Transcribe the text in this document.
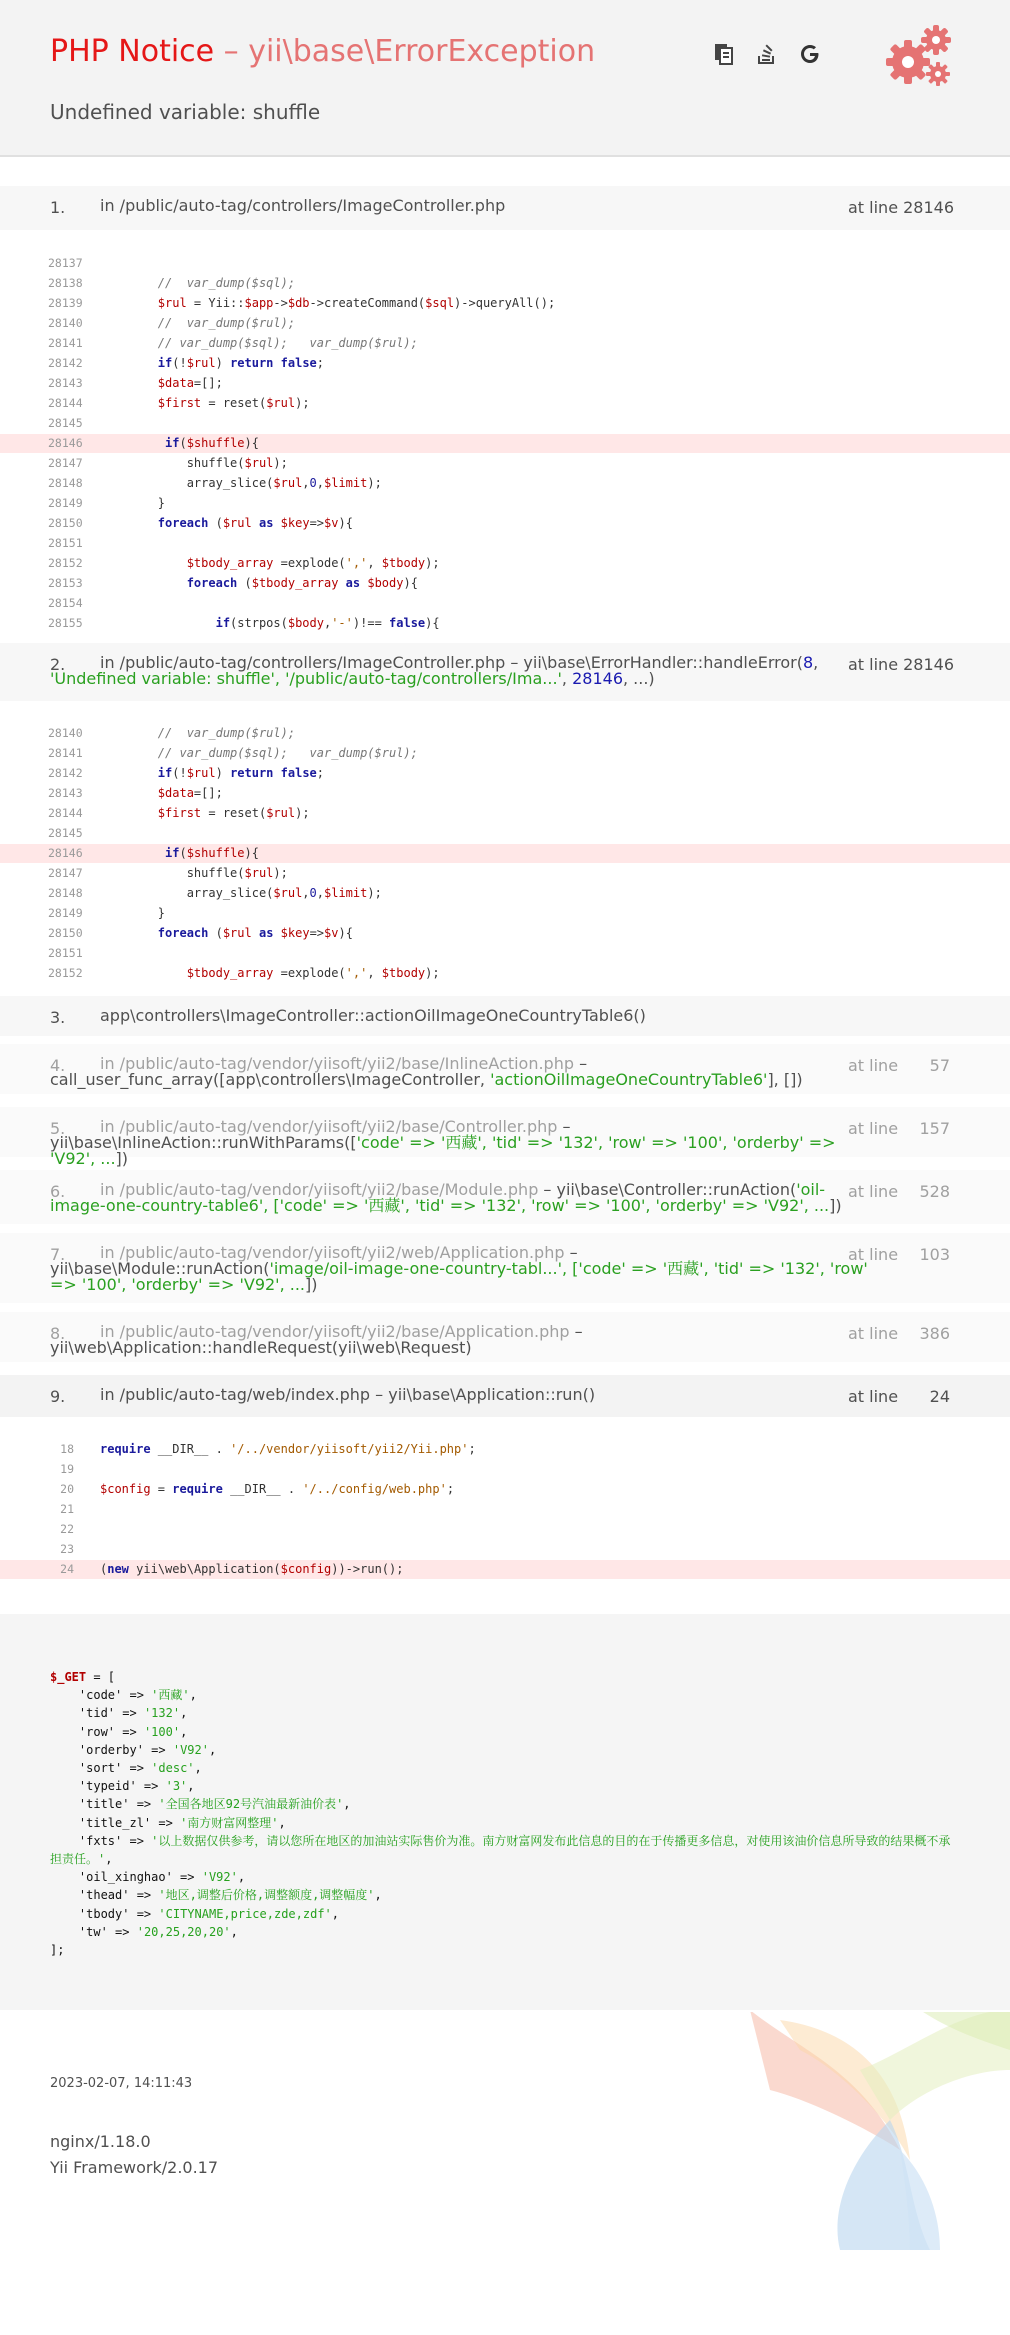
PHP Notice – yii\base\ErrorException
Undefined variable: shuffle

1. in /public/auto-tag/controllers/ImageController.php	at line 28146
28137
28138	//  var_dump($sql);
28139	$rul = Yii::$app->$db->createCommand($sql)->queryAll();
28140	//  var_dump($rul);
28141	// var_dump($sql);   var_dump($rul);
28142	if(!$rul) return false;
28143	$data=[];
28144	$first = reset($rul);
28145
28146	if($shuffle){
28147 shuffle($rul);
28148 array_slice($rul,0,$limit);
28149 }
28150	foreach ($rul as $key=>$v){
28151
28152	$tbody_array =explode(',', $tbody);
28153	foreach ($tbody_array as $body){
28154
28155	if(strpos($body,'-')!== false){
2.	in /public/auto-tag/controllers/ImageController.php – yii\base\ErrorHandler::handleError(8, 'Undefined variable: shuffle', '/public/auto-tag/controllers/Ima...', 28146, ...)
at line 28146
28140	//  var_dump($rul);
28141	// var_dump($sql);   var_dump($rul);
28142	if(!$rul) return false;
28143	$data=[];
28144	$first = reset($rul);
28145
28146	if($shuffle){
28147 shuffle($rul);
28148 array_slice($rul,0,$limit);
28149 }
28150	foreach ($rul as $key=>$v){
28151
28152	$tbody_array =explode(',', $tbody);
3. app\controllers\ImageController::actionOilImageOneCountryTable6()
4.	in /public/auto-tag/vendor/yiisoft/yii2/base/InlineAction.php – call_user_func_array([app\controllers\ImageController, 'actionOilImageOneCountryTable6'], [])
at line	57
5.	in /public/auto-tag/vendor/yiisoft/yii2/base/Controller.php – yii\base\InlineAction::runWithParams(['code' => '西藏', 'tid' => '132', 'row' => '100', 'orderby' => 'V92', ...])
at line	157
6.	in /public/auto-tag/vendor/yiisoft/yii2/base/Module.php – yii\base\Controller::runAction('oil-image-one-country-table6', ['code' => '西藏', 'tid' => '132', 'row' => '100', 'orderby' => 'V92', ...])
at line	528
7.	in /public/auto-tag/vendor/yiisoft/yii2/web/Application.php – yii\base\Module::runAction('image/oil-image-one-country-tabl...', ['code' => '西藏', 'tid' => '132', 'row' => '100', 'orderby' => 'V92', ...])
at line	103
8.	in /public/auto-tag/vendor/yiisoft/yii2/base/Application.php – yii\web\Application::handleRequest(yii\web\Request)
at line	386
9. in /public/auto-tag/web/index.php – yii\base\Application::run()	at line	24
18 require __DIR__ . '/../vendor/yiisoft/yii2/Yii.php';
19
20 $config = require __DIR__ . '/../config/web.php';
21
22
23
24 (new yii\web\Application($config))->run();
$_GET = [
'code' => '西藏',
'tid' => '132',
'row' => '100',
'orderby' => 'V92',
'sort' => 'desc',
'typeid' => '3',
'title' => '全国各地区92号汽油最新油价表',
'title_zl' => '南方财富网整理',
'fxts' => '以上数据仅供参考，请以您所在地区的加油站实际售价为准。南方财富网发布此信息的目的在于传播更多信息，对使用该油价信息所导致的结果概不承担责任。',
'oil_xinghao' => 'V92',
'thead' => '地区,调整后价格,调整额度,调整幅度',
'tbody' => 'CITYNAME,price,zde,zdf',
'tw' => '20,25,20,20',
];
2023-02-07, 14:11:43
nginx/1.18.0
Yii Framework/2.0.17
